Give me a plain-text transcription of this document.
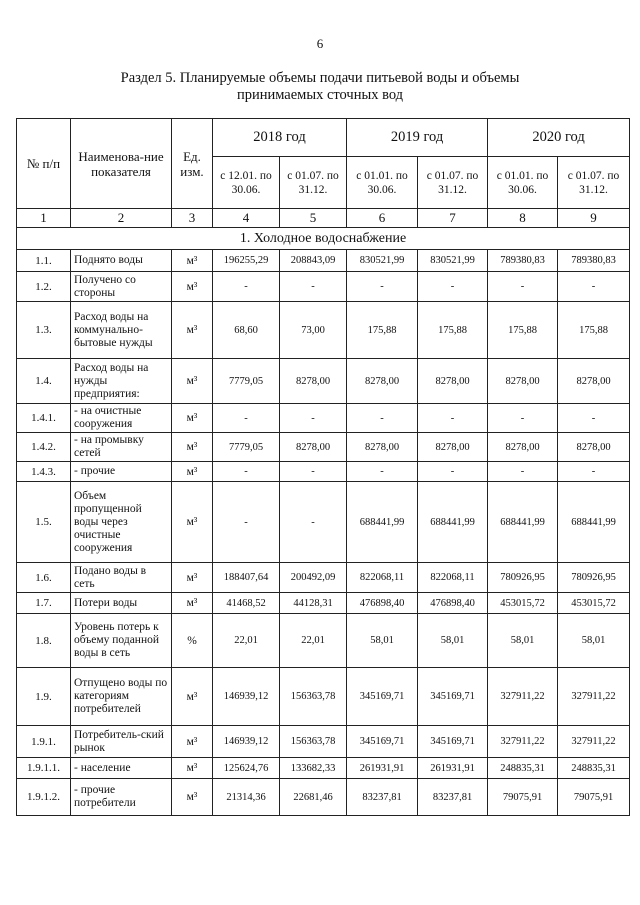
6
Раздел 5. Планируемые объемы подачи питьевой воды и объемы
принимаемых сточных вод
№ п/п	Наименова-ние показателя	Ед. изм.	2018 год		2019 год		2020 год	
			с 12.01. по 30.06.	с 01.07. по 31.12.	с 01.01. по 30.06.	с 01.07. по 31.12.	с 01.01. по 30.06.	с 01.07. по 31.12.
1	2	3	4	5	6	7	8	9
1. Холодное водоснабжение								
1.1.	Поднято воды	м³	196255,29	208843,09	830521,99	830521,99	789380,83	789380,83
1.2.	Получено со стороны	м³	-	-	-	-	-	-
1.3.	Расход воды на коммунально-бытовые нужды	м³	68,60	73,00	175,88	175,88	175,88	175,88
1.4.	Расход воды на нужды предприятия:	м³	7779,05	8278,00	8278,00	8278,00	8278,00	8278,00
1.4.1.	- на очистные сооружения	м³	-	-	-	-	-	-
1.4.2.	- на промывку сетей	м³	7779,05	8278,00	8278,00	8278,00	8278,00	8278,00
1.4.3.	- прочие	м³	-	-	-	-	-	-
1.5.	Объем пропущенной воды через очистные сооружения	м³	-	-	688441,99	688441,99	688441,99	688441,99
1.6.	Подано воды в сеть	м³	188407,64	200492,09	822068,11	822068,11	780926,95	780926,95
1.7.	Потери воды	м³	41468,52	44128,31	476898,40	476898,40	453015,72	453015,72
1.8.	Уровень потерь к объему поданной воды в сеть	%	22,01	22,01	58,01	58,01	58,01	58,01
1.9.	Отпущено воды по категориям потребителей	м³	146939,12	156363,78	345169,71	345169,71	327911,22	327911,22
1.9.1.	Потребитель-ский рынок	м³	146939,12	156363,78	345169,71	345169,71	327911,22	327911,22
1.9.1.1.	- население	м³	125624,76	133682,33	261931,91	261931,91	248835,31	248835,31
1.9.1.2.	- прочие потребители	м³	21314,36	22681,46	83237,81	83237,81	79075,91	79075,91
